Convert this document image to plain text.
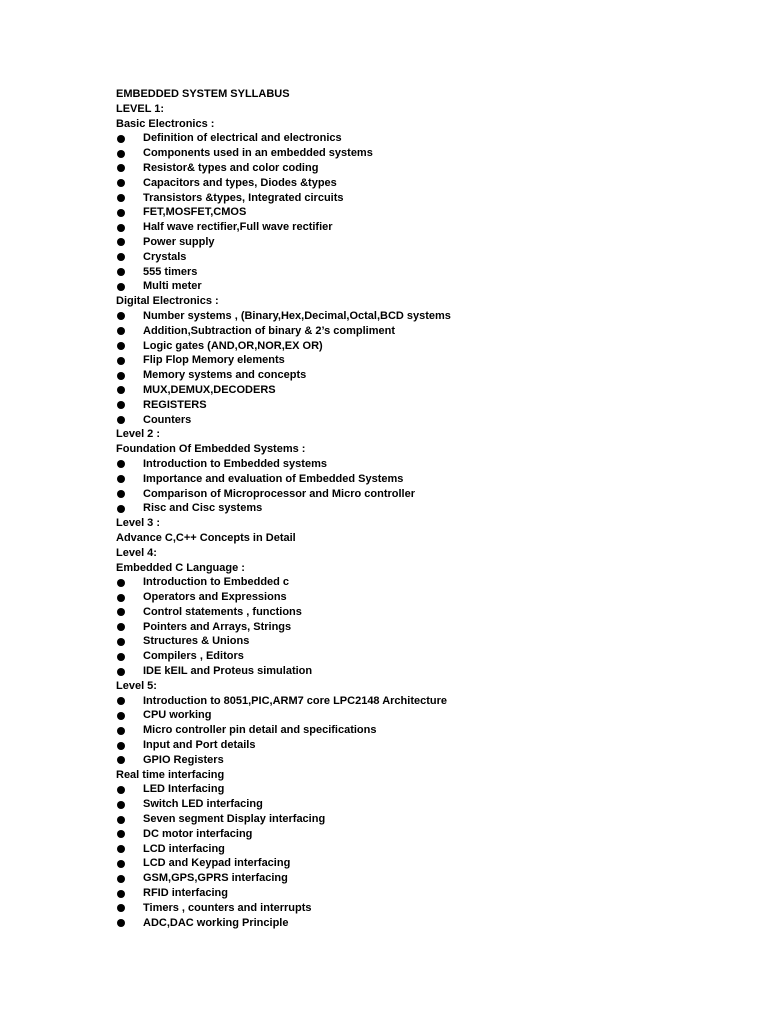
EMBEDDED SYSTEM SYLLABUS
LEVEL 1:
Basic Electronics :
Definition of electrical and electronics
Components used in an embedded systems
Resistor& types and color coding
Capacitors and types, Diodes &types
Transistors &types, Integrated circuits
FET,MOSFET,CMOS
Half wave rectifier,Full wave rectifier
Power supply
Crystals
555 timers
Multi meter
Digital Electronics :
Number systems , (Binary,Hex,Decimal,Octal,BCD systems
Addition,Subtraction of binary & 2’s compliment
Logic gates (AND,OR,NOR,EX OR)
Flip Flop Memory elements
Memory systems and concepts
MUX,DEMUX,DECODERS
REGISTERS
Counters
Level 2 :
Foundation Of Embedded Systems :
Introduction to Embedded systems
Importance and evaluation of Embedded Systems
Comparison of Microprocessor and Micro controller
Risc and Cisc systems
Level 3 :
Advance C,C++ Concepts in Detail
Level 4:
Embedded C Language :
Introduction to Embedded c
Operators and Expressions
Control statements , functions
Pointers and Arrays, Strings
Structures & Unions
Compilers , Editors
IDE kEIL and Proteus simulation
Level 5:
Introduction to 8051,PIC,ARM7 core LPC2148 Architecture
CPU working
Micro controller pin detail and specifications
Input and Port details
GPIO Registers
Real time interfacing
LED Interfacing
Switch LED interfacing
Seven segment Display interfacing
DC motor interfacing
LCD interfacing
LCD and Keypad interfacing
GSM,GPS,GPRS interfacing
RFID interfacing
Timers , counters and interrupts
ADC,DAC working Principle
